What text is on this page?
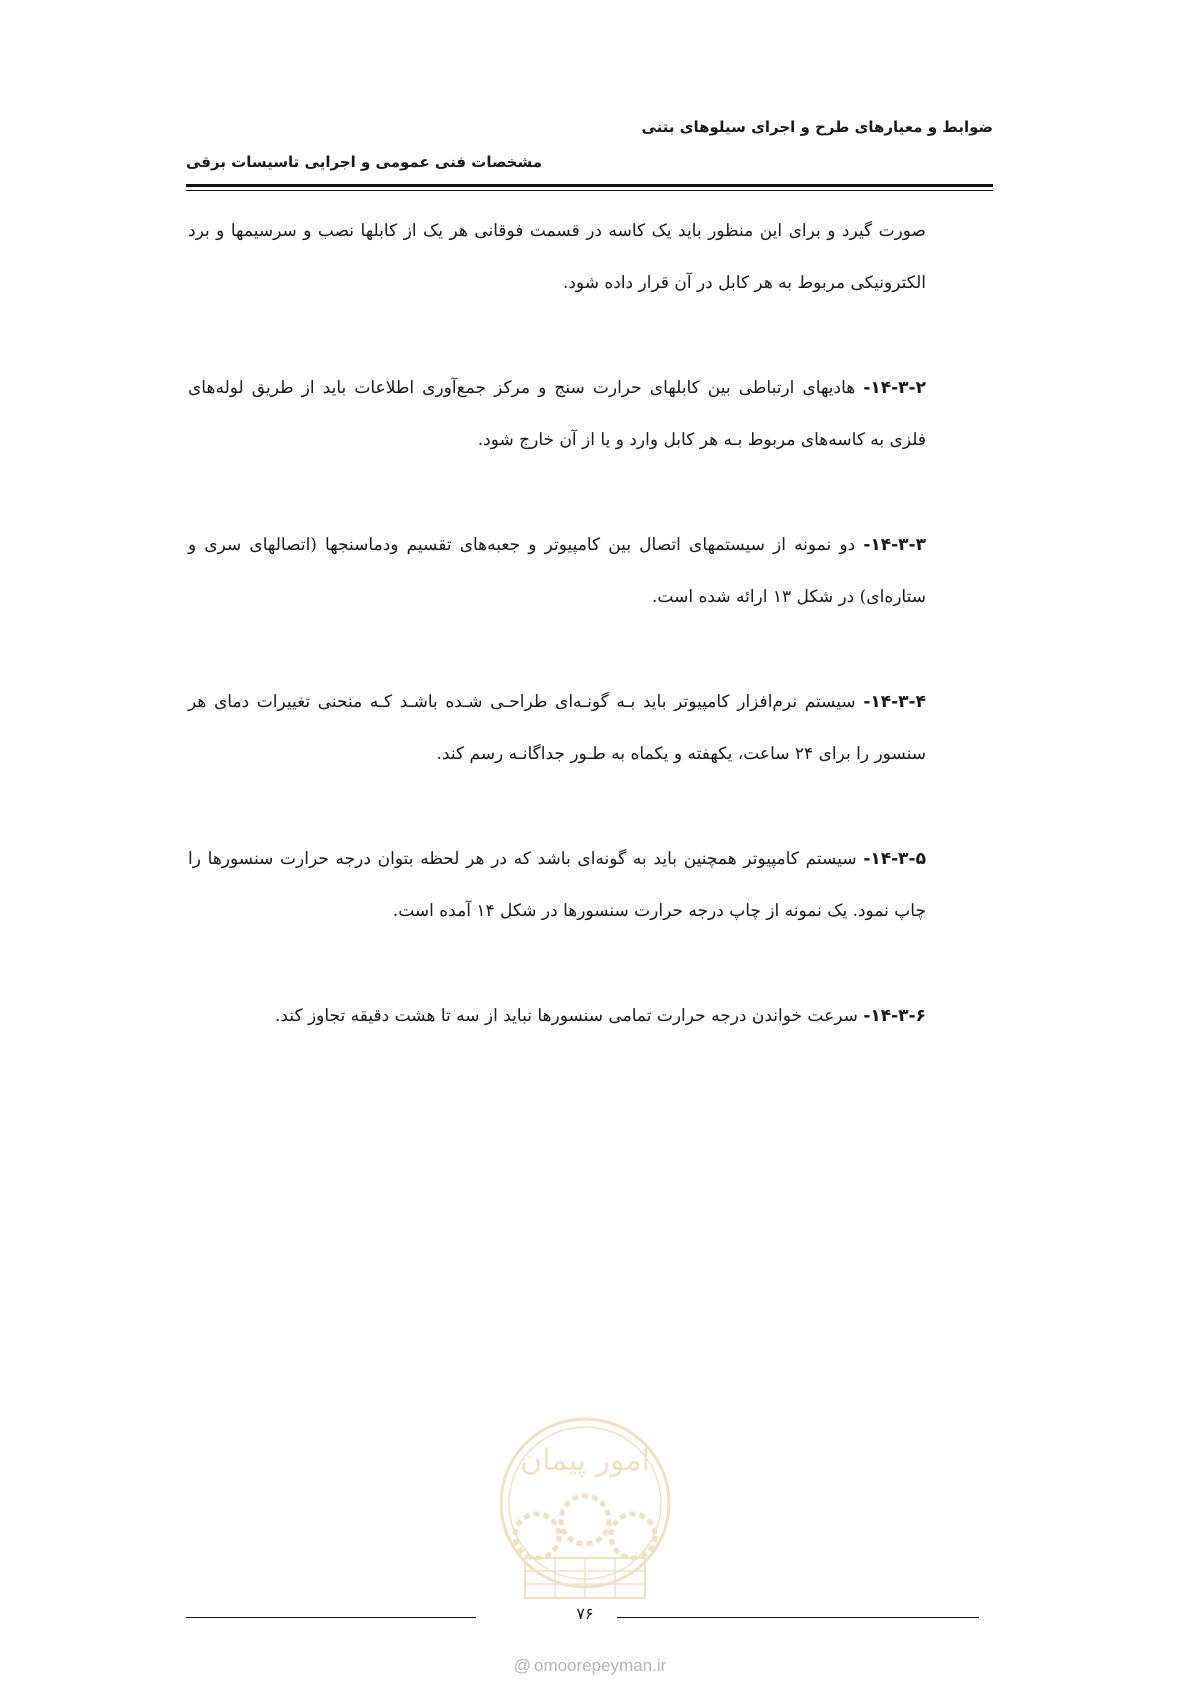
ضوابط و معیارهای طرح و اجرای سیلوهای بتنی
مشخصات فنی عمومی و اجرایی تاسیسات برقی

صورت گیرد و برای این منظور باید یک کاسه در قسمت فوقانی هر یک از کابلها نصب و سرسیمها و برد الکترونیکی مربوط به هر کابل در آن قرار داده شود.

۱۴-۳-۲- هادیهای ارتباطی بین کابلهای حرارت سنج و مرکز جمع‌آوری اطلاعات باید از طریق لوله‌های فلزی به کاسه‌های مربوط بـه هر کابل وارد و یا از آن خارج شود.

۱۴-۳-۳- دو نمونه از سیستمهای اتصال بین کامپیوتر و جعبه‌های تقسیم ودماسنجها (اتصالهای سری و ستاره‌ای) در شکل ۱۳ ارائه شده است.

۱۴-۳-۴- سیستم نرم‌افزار کامپیوتر باید بـه گونـه‌ای طراحـی شـده باشـد کـه منحنی تغییرات دمای هر سنسور را برای ۲۴ ساعت، یکهفته و یکماه به طـور جداگانـه رسم کند.

۱۴-۳-۵- سیستم کامپیوتر همچنین باید به گونه‌ای باشد که در هر لحظه بتوان درجه حرارت سنسورها را چاپ نمود. یک نمونه از چاپ درجه حرارت سنسورها در شکل ۱۴ آمده است.

۱۴-۳-۶- سرعت خواندن درجه حرارت تمامی سنسورها نباید از سه تا هشت دقیقه تجاوز کند.

امور پیمان
۷۶
@ omoorepeyman.ir
